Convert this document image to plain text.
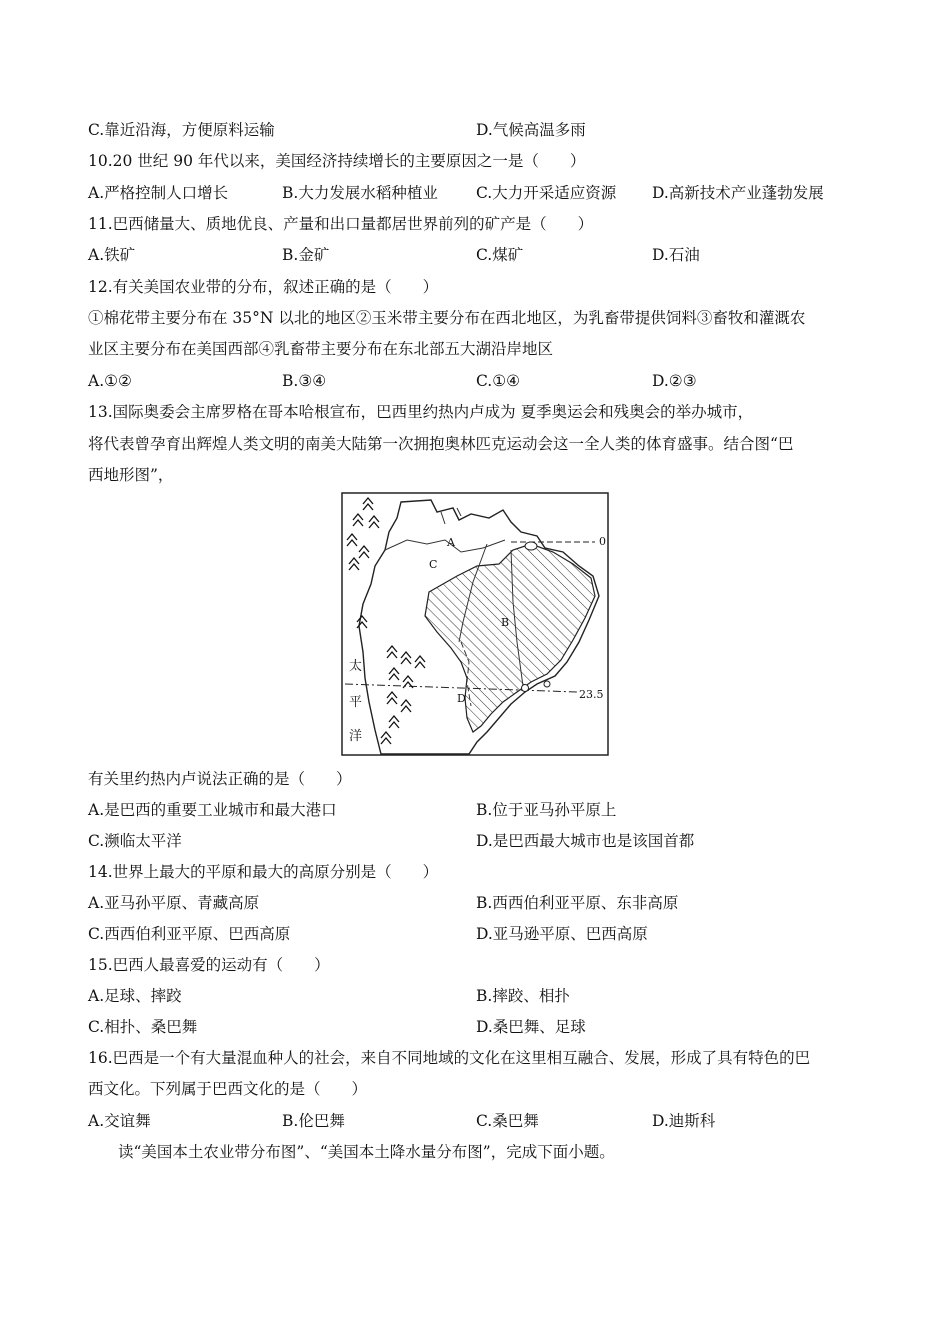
C.靠近沿海，方便原料运输	D.气候高温多雨
10.20 世纪 90 年代以来，美国经济持续增长的主要原因之一是（　　）
A.严格控制人口增长	B.大力发展水稻种植业 C.大力开采适应资源 D.高新技术产业蓬勃发展
11.巴西储量大、质地优良、产量和出口量都居世界前列的矿产是（　　）
A.铁矿	B.金矿	C.煤矿	D.石油
12.有关美国农业带的分布，叙述正确的是（　　）
①棉花带主要分布在 35°N 以北的地区②玉米带主要分布在西北地区，为乳畜带提供饲料③畜牧和灌溉农
业区主要分布在美国西部④乳畜带主要分布在东北部五大湖沿岸地区
A.①②	B.③④	C.①④	D.②③
13.国际奥委会主席罗格在哥本哈根宣布，巴西里约热内卢成为 夏季奥运会和残奥会的举办城市，
将代表曾孕育出辉煌人类文明的南美大陆第一次拥抱奥林匹克运动会这一全人类的体育盛事。结合图“巴
西地形图”，
A
C
B
D
0
23.5
太
平
洋
有关里约热内卢说法正确的是（　　）
A.是巴西的重要工业城市和最大港口	B.位于亚马孙平原上
C.濒临太平洋	D.是巴西最大城市也是该国首都
14.世界上最大的平原和最大的高原分别是（　　）
A.亚马孙平原、青藏高原	B.西西伯利亚平原、东非高原
C.西西伯利亚平原、巴西高原	D.亚马逊平原、巴西高原
15.巴西人最喜爱的运动有（　　）
A.足球、摔跤	B.摔跤、相扑
C.相扑、桑巴舞	D.桑巴舞、足球
16.巴西是一个有大量混血种人的社会，来自不同地域的文化在这里相互融合、发展，形成了具有特色的巴
西文化。下列属于巴西文化的是（　　）
A.交谊舞	B.伦巴舞	C.桑巴舞	D.迪斯科
读“美国本土农业带分布图”、“美国本土降水量分布图”，完成下面小题。
